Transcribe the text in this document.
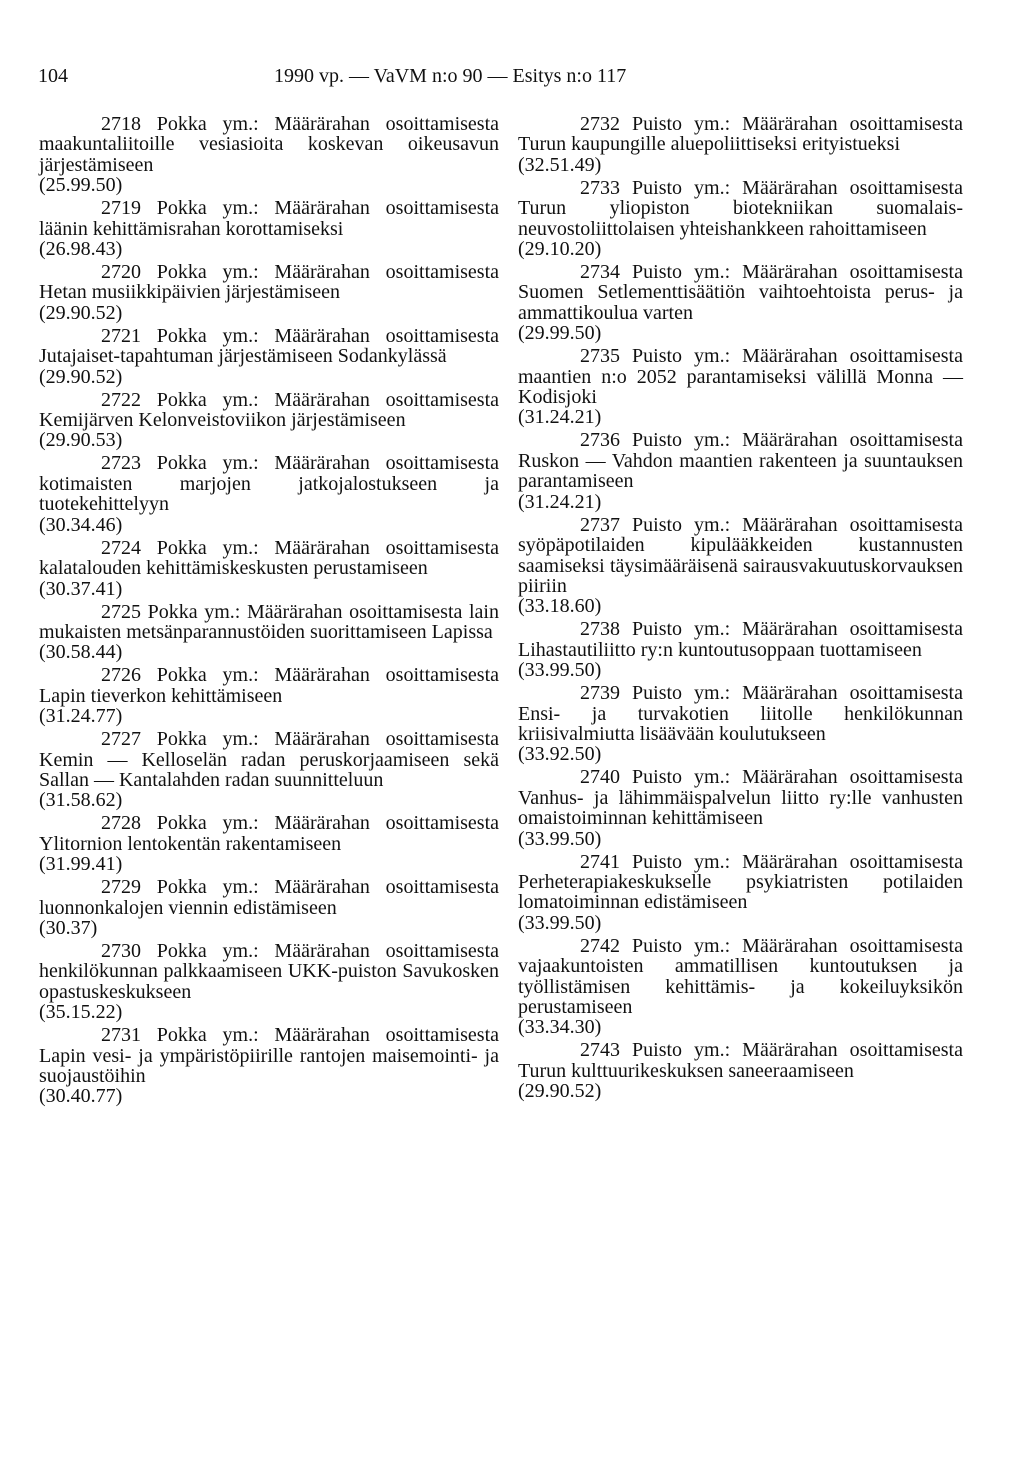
104	1990 vp. — VaVM n:o 90 — Esitys n:o 117
2718 Pokka ym.: Määrärahan osoittamisesta maakuntaliitoille vesiasioita koskevan oikeusavun järjestämiseen
(25.99.50)
2719 Pokka ym.: Määrärahan osoittamisesta läänin kehittämisrahan korottamiseksi
(26.98.43)
2720 Pokka ym.: Määrärahan osoittamisesta Hetan musiikkipäivien järjestämiseen
(29.90.52)
2721 Pokka ym.: Määrärahan osoittamisesta Jutajaiset-tapahtuman järjestämiseen Sodankylässä
(29.90.52)
2722 Pokka ym.: Määrärahan osoittamisesta Kemijärven Kelonveistoviikon järjestämiseen
(29.90.53)
2723 Pokka ym.: Määrärahan osoittamisesta kotimaisten marjojen jatkojalostukseen ja tuotekehittelyyn
(30.34.46)
2724 Pokka ym.: Määrärahan osoittamisesta kalatalouden kehittämiskeskusten perustamiseen
(30.37.41)
2725 Pokka ym.: Määrärahan osoittamisesta lain mukaisten metsänparannustöiden suorittamiseen Lapissa
(30.58.44)
2726 Pokka ym.: Määrärahan osoittamisesta Lapin tieverkon kehittämiseen
(31.24.77)
2727 Pokka ym.: Määrärahan osoittamisesta Kemin — Kelloselän radan peruskorjaamiseen sekä Sallan — Kantalahden radan suunnitteluun
(31.58.62)
2728 Pokka ym.: Määrärahan osoittamisesta Ylitornion lentokentän rakentamiseen
(31.99.41)
2729 Pokka ym.: Määrärahan osoittamisesta luonnonkalojen viennin edistämiseen
(30.37)
2730 Pokka ym.: Määrärahan osoittamisesta henkilökunnan palkkaamiseen UKK-puiston Savukosken opastuskeskukseen
(35.15.22)
2731 Pokka ym.: Määrärahan osoittamisesta Lapin vesi- ja ympäristöpiirille rantojen maisemointi- ja suojaustöihin
(30.40.77)
2732 Puisto ym.: Määrärahan osoittamisesta Turun kaupungille aluepoliittiseksi erityistueksi
(32.51.49)
2733 Puisto ym.: Määrärahan osoittamisesta Turun yliopiston biotekniikan suomalais-neuvostoliittolaisen yhteishankkeen rahoittamiseen
(29.10.20)
2734 Puisto ym.: Määrärahan osoittamisesta Suomen Setlementtisäätiön vaihtoehtoista perus- ja ammattikoulua varten
(29.99.50)
2735 Puisto ym.: Määrärahan osoittamisesta maantien n:o 2052 parantamiseksi välillä Monna — Kodisjoki
(31.24.21)
2736 Puisto ym.: Määrärahan osoittamisesta Ruskon — Vahdon maantien rakenteen ja suuntauksen parantamiseen
(31.24.21)
2737 Puisto ym.: Määrärahan osoittamisesta syöpäpotilaiden kipulääkkeiden kustannusten saamiseksi täysimääräisenä sairausvakuutuskorvauksen piiriin
(33.18.60)
2738 Puisto ym.: Määrärahan osoittamisesta Lihastautiliitto ry:n kuntoutusoppaan tuottamiseen
(33.99.50)
2739 Puisto ym.: Määrärahan osoittamisesta Ensi- ja turvakotien liitolle henkilökunnan kriisivalmiutta lisäävään koulutukseen
(33.92.50)
2740 Puisto ym.: Määrärahan osoittamisesta Vanhus- ja lähimmäispalvelun liitto ry:lle vanhusten omaistoiminnan kehittämiseen
(33.99.50)
2741 Puisto ym.: Määrärahan osoittamisesta Perheterapiakeskukselle psykiatristen potilaiden lomatoiminnan edistämiseen
(33.99.50)
2742 Puisto ym.: Määrärahan osoittamisesta vajaakuntoisten ammatillisen kuntoutuksen ja työllistämisen kehittämis- ja kokeiluyksikön perustamiseen
(33.34.30)
2743 Puisto ym.: Määrärahan osoittamisesta Turun kulttuurikeskuksen saneeraamiseen
(29.90.52)
